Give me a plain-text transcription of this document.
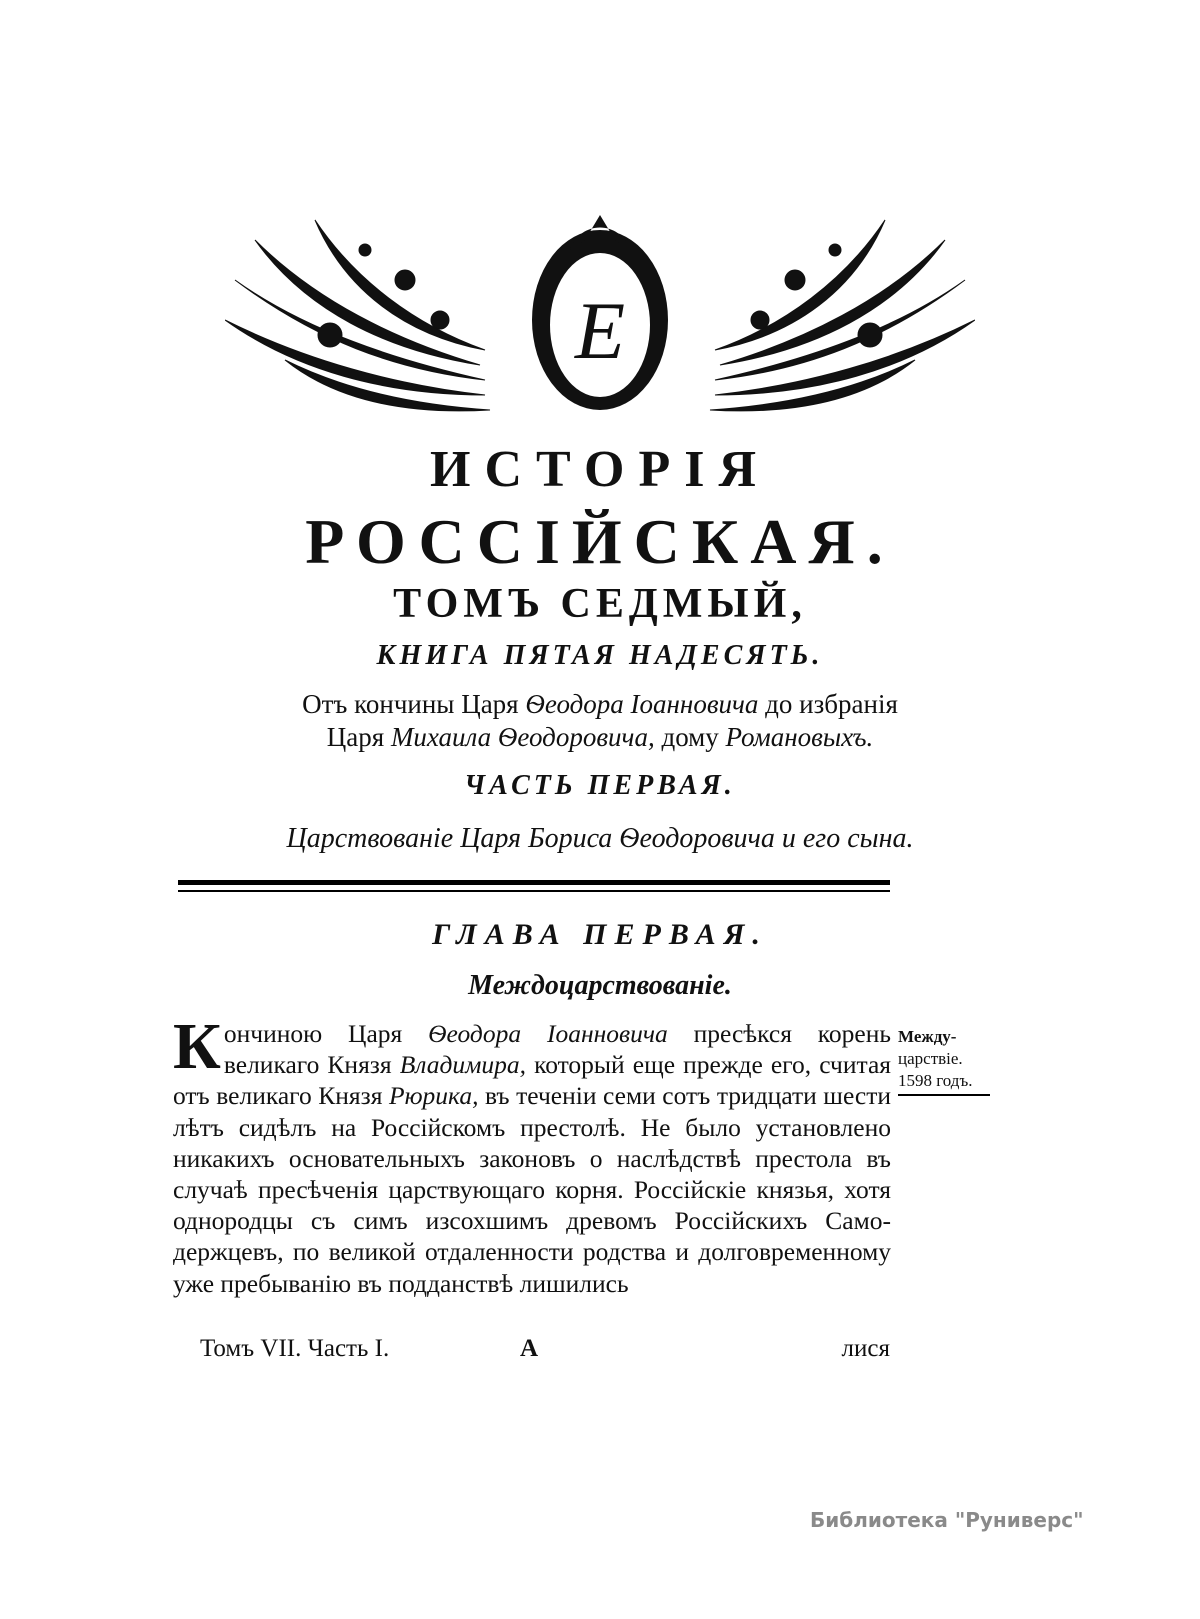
Е
ИСТОРІЯ
РОССІЙСКАЯ.
ТОМЪ СЕДМЫЙ,
КНИГА ПЯТАЯ НАДЕСЯТЬ.
Отъ кончины Царя Ѳеодора Іоанновича до избранія
Царя Михаила Ѳеодоровича, дому Романовыхъ.
ЧАСТЬ ПЕРВАЯ.
Царствованіе Царя Бориса Ѳеодоровича и его сына.
ГЛАВА ПЕРВАЯ.
Междоцарствованіе.
Кончиною Царя Ѳеодора Іоанновича пресѣкся корень великаго Князя Владимира, который еще прежде его, считая отъ великаго Князя Рюрика, въ теченіи семи сотъ тридцати шести лѣтъ сидѣлъ на Россійскомъ престолѣ. Не было установлено никакихъ основательныхъ законовъ о наслѣдствѣ престола въ случаѣ пресѣченія царствующаго корня. Россійскіе князья, хотя однородцы съ симъ изсохшимъ древомъ Россійскихъ Самодержцевъ, по великой отдаленности родства и долговременному уже пребыванію въ подданствѣ лишились
Между-
царствіе.
1598 годъ.
Томъ VII. Часть I.	А	лися
Библиотека "Руниверс"
